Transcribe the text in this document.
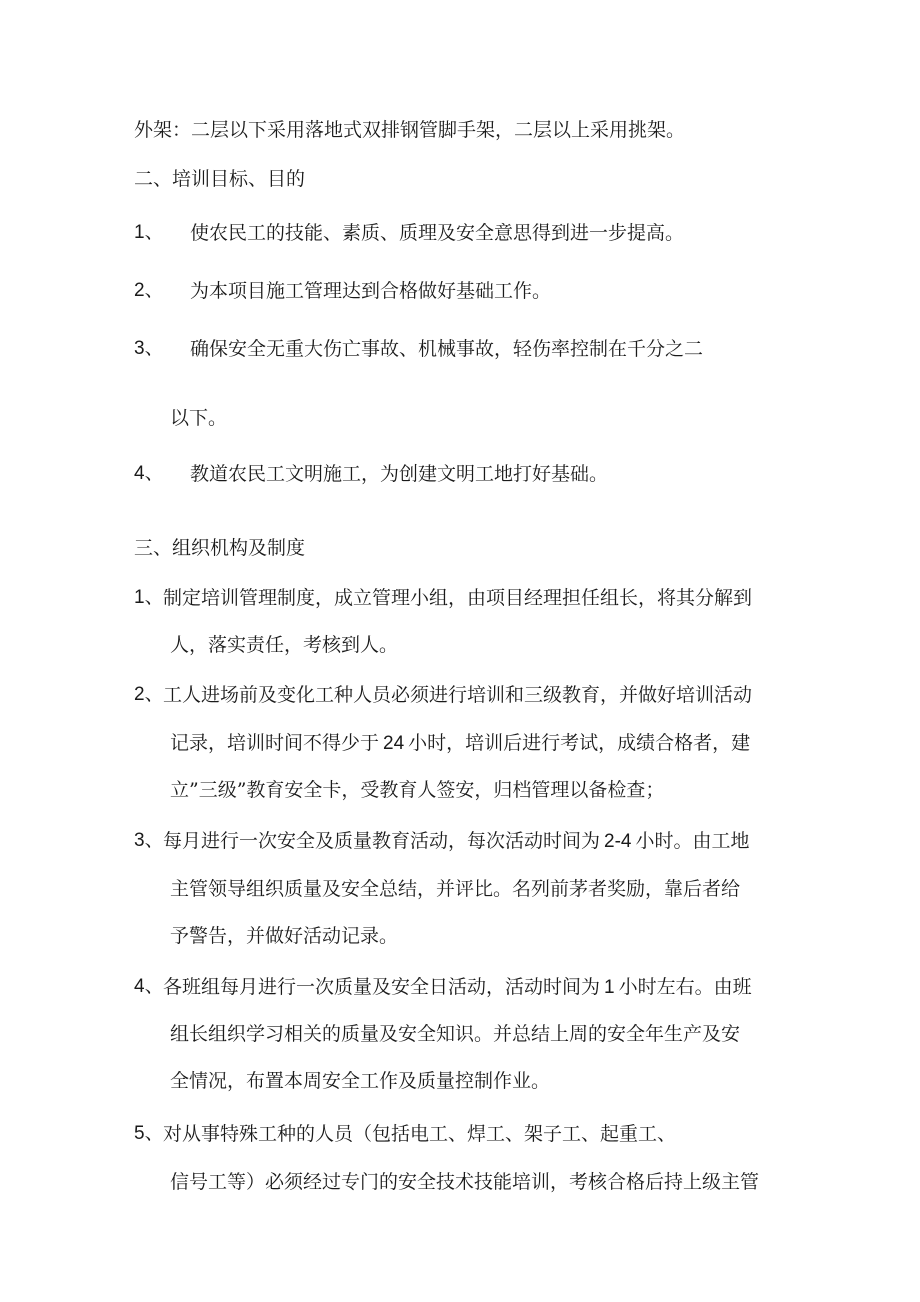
外架：二层以下采用落地式双排钢管脚手架，二层以上采用挑架。
二、培训目标、目的
1、 使农民工的技能、素质、质理及安全意思得到进一步提高。
2、 为本项目施工管理达到合格做好基础工作。
3、 确保安全无重大伤亡事故、机械事故，轻伤率控制在千分之二
以下。
4、 教道农民工文明施工，为创建文明工地打好基础。
三、组织机构及制度
1、 制定培训管理制度，成立管理小组，由项目经理担任组长，将其分解到
人，落实责任，考核到人。
2、 工人进场前及变化工种人员必须进行培训和三级教育，并做好培训活动
记录，培训时间不得少于 24 小时，培训后进行考试，成绩合格者，建
立”三级”教育安全卡，受教育人签安，归档管理以备检查；
3、 每月进行一次安全及质量教育活动，每次活动时间为 2-4 小时。由工地
主管领导组织质量及安全总结，并评比。名列前茅者奖励，靠后者给
予警告，并做好活动记录。
4、 各班组每月进行一次质量及安全日活动，活动时间为 1 小时左右。由班
组长组织学习相关的质量及安全知识。并总结上周的安全年生产及安
全情况，布置本周安全工作及质量控制作业。
5、 对从事特殊工种的人员（包括电工、焊工、架子工、起重工、
信号工等）必须经过专门的安全技术技能培训，考核合格后持上级主管
